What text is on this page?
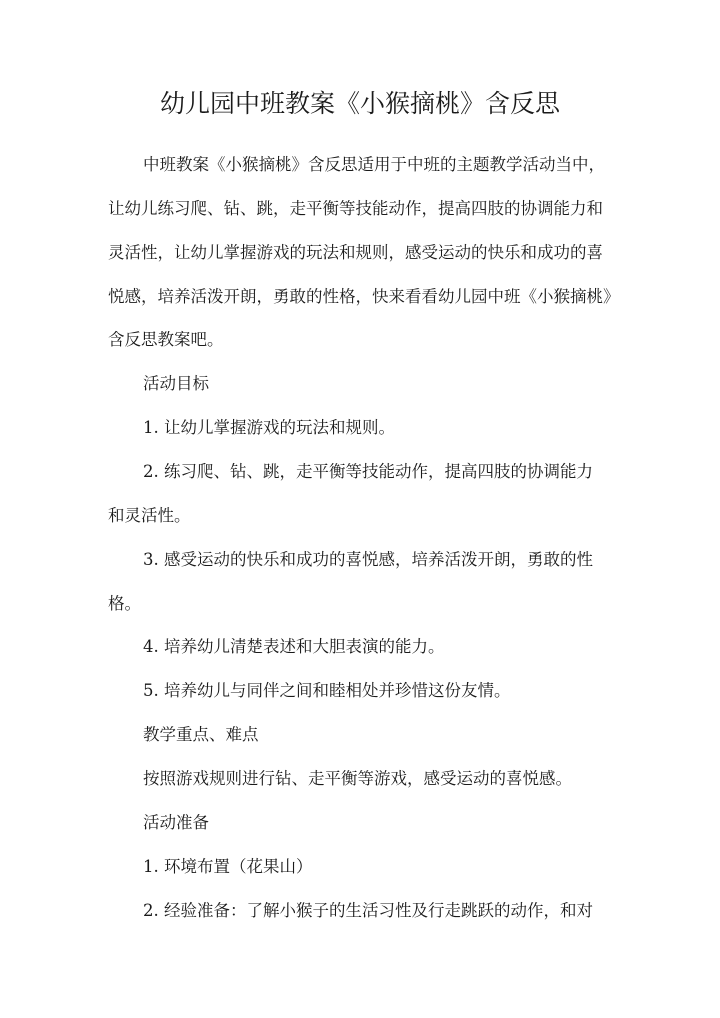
幼儿园中班教案《小猴摘桃》含反思

中班教案《小猴摘桃》含反思适用于中班的主题教学活动当中，

让幼儿练习爬、钻、跳，走平衡等技能动作，提高四肢的协调能力和

灵活性，让幼儿掌握游戏的玩法和规则，感受运动的快乐和成功的喜

悦感，培养活泼开朗，勇敢的性格，快来看看幼儿园中班《小猴摘桃》

含反思教案吧。

活动目标

1. 让幼儿掌握游戏的玩法和规则。

2. 练习爬、钻、跳，走平衡等技能动作，提高四肢的协调能力

和灵活性。

3. 感受运动的快乐和成功的喜悦感，培养活泼开朗，勇敢的性

格。

4. 培养幼儿清楚表述和大胆表演的能力。

5. 培养幼儿与同伴之间和睦相处并珍惜这份友情。

教学重点、难点

按照游戏规则进行钻、走平衡等游戏，感受运动的喜悦感。

活动准备

1. 环境布置（花果山）

2. 经验准备：了解小猴子的生活习性及行走跳跃的动作，和对
